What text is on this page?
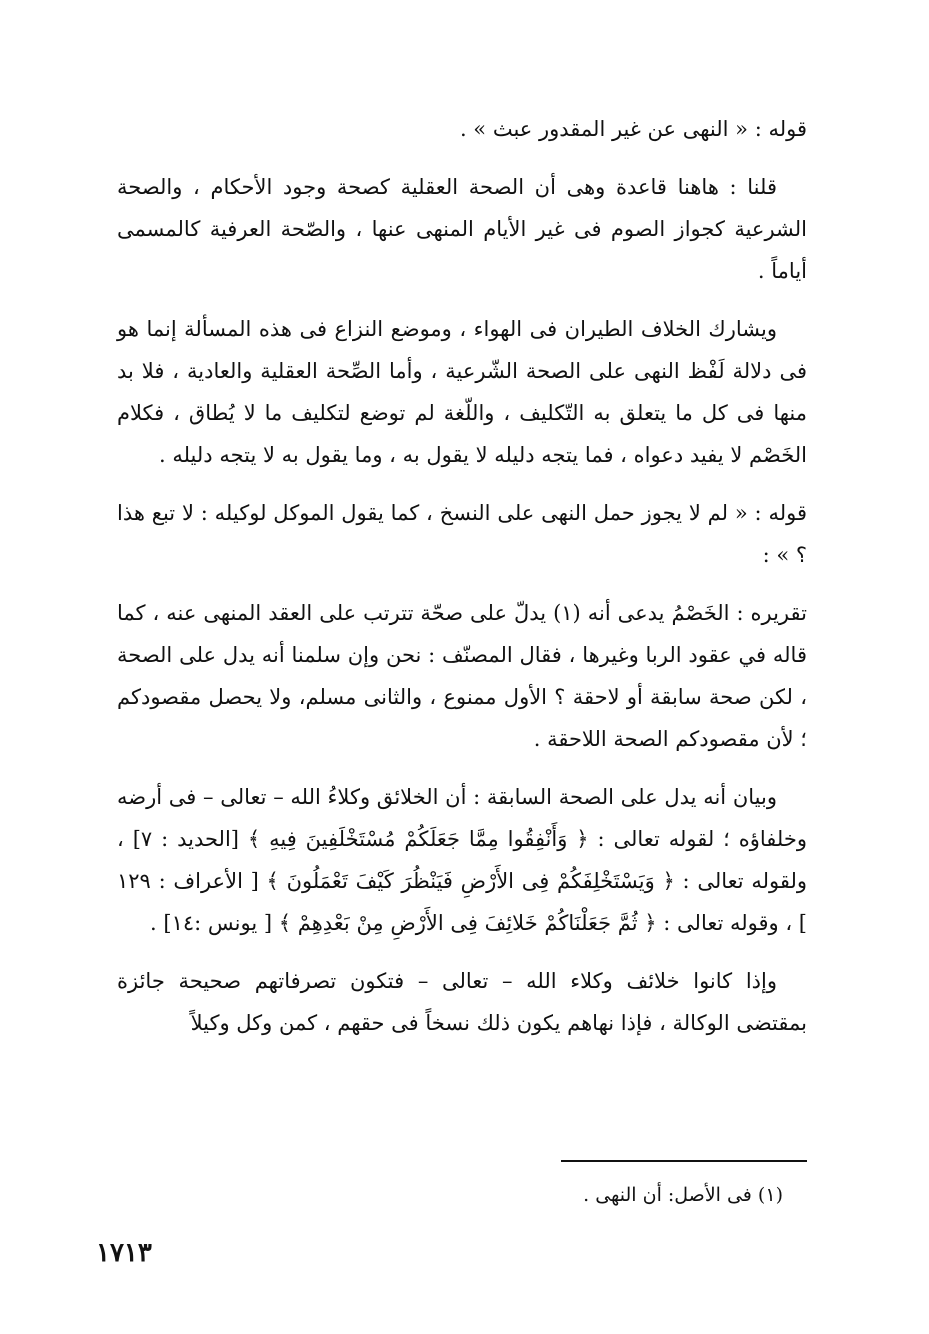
قوله : « النهى عن غير المقدور عبث » .

قلنا : هاهنا قاعدة وهى أن الصحة العقلية كصحة وجود الأحكام ، والصحة الشرعية كجواز الصوم فى غير الأيام المنهى عنها ، والصّحة العرفية كالمسمى أياماً .

ويشارك الخلاف الطيران فى الهواء ، وموضع النزاع فى هذه المسألة إنما هو فى دلالة لَفْظ النهى على الصحة الشّرعية ، وأما الصِّحة العقلية والعادية ، فلا بد منها فى كل ما يتعلق به التّكليف ، واللّغة لم توضع لتكليف ما لا يُطاق ، فكلام الخَصْم لا يفيد دعواه ، فما يتجه دليله لا يقول به ، وما يقول به لا يتجه دليله .

قوله : « لم لا يجوز حمل النهى على النسخ ، كما يقول الموكل لوكيله : لا تبع هذا ؟ » :

تقريره : الخَصْمُ يدعى أنه (١) يدلّ على صحّة تترتب على العقد المنهى عنه ، كما قاله في عقود الربا وغيرها ، فقال المصنّف : نحن وإن سلمنا أنه يدل على الصحة ، لكن صحة سابقة أو لاحقة ؟ الأول ممنوع ، والثانى مسلم، ولا يحصل مقصودكم ؛ لأن مقصودكم الصحة اللاحقة .

وبيان أنه يدل على الصحة السابقة : أن الخلائق وكلاءُ الله – تعالى – فى أرضه وخلفاؤه ؛ لقوله تعالى : ﴿ وَأَنْفِقُوا مِمَّا جَعَلَكُمْ مُسْتَخْلَفِينَ فِيهِ ﴾ [الحديد : ٧] ، ولقوله تعالى : ﴿ وَيَسْتَخْلِفَكُمْ فِى الأَرْضِ فَيَنْظُرَ كَيْفَ تَعْمَلُونَ ﴾ [ الأعراف : ١٢٩ ] ، وقوله تعالى : ﴿ ثُمَّ جَعَلْنَاكُمْ خَلائِفَ فِى الأَرْضِ مِنْ بَعْدِهِمْ ﴾ [ يونس :١٤] .

وإذا كانوا خلائف وكلاء الله – تعالى – فتكون تصرفاتهم صحيحة جائزة بمقتضى الوكالة ، فإذا نهاهم يكون ذلك نسخاً فى حقهم ، كمن وكل وكيلاً

(١) فى الأصل: أن النهى .
١٧١٣
